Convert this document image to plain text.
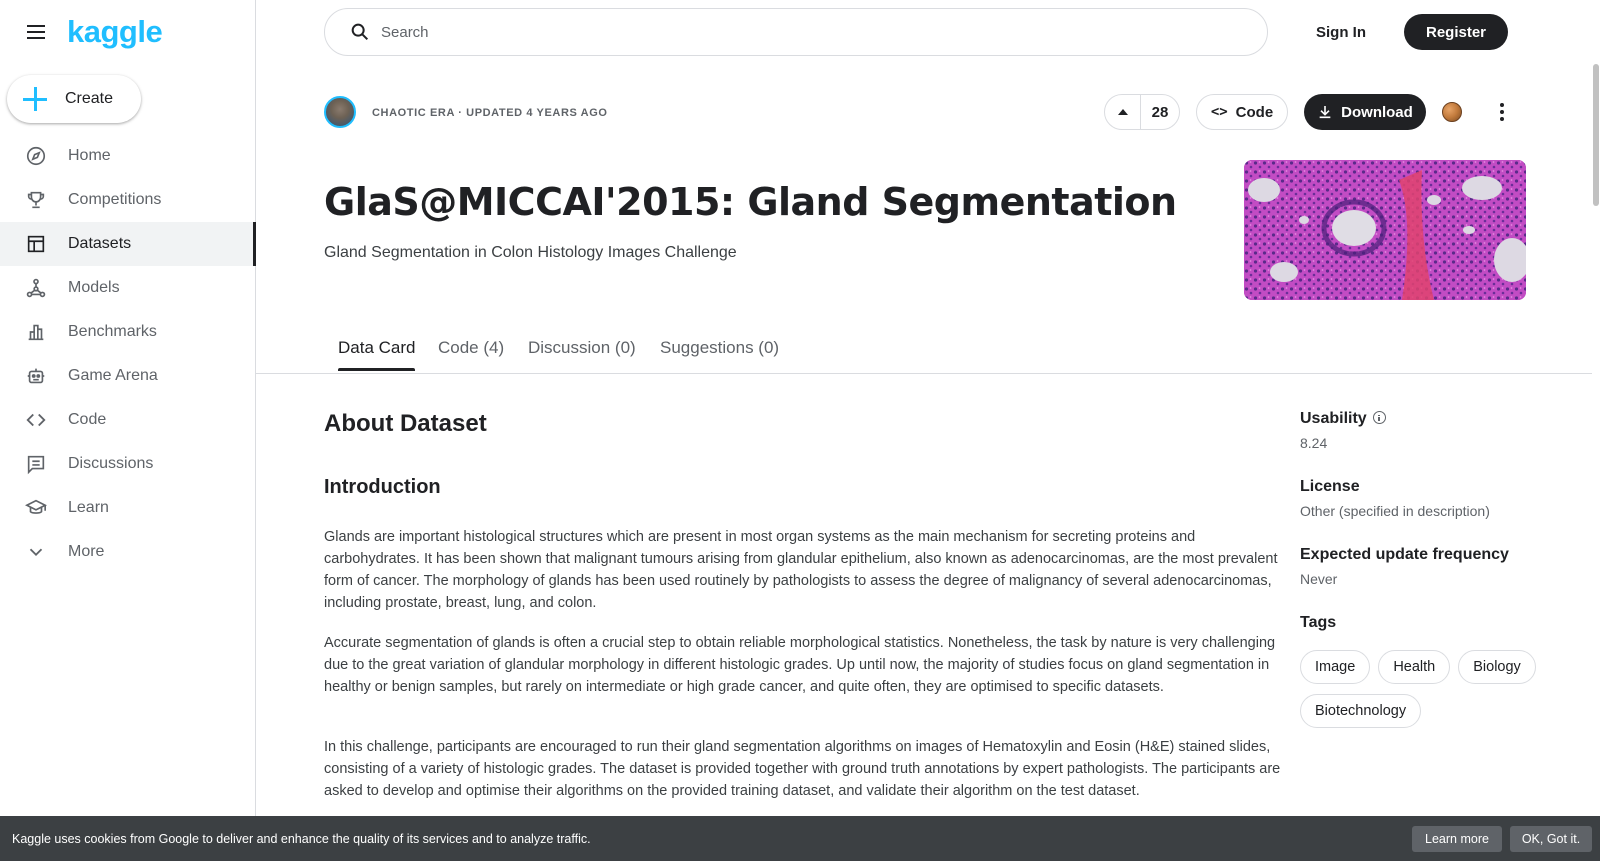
kaggle
Create
Home
Competitions
Datasets
Models
Benchmarks
Game Arena
Code
Discussions
Learn
More
Search
Sign In	Register
CHAOTIC ERA · UPDATED 4 YEARS AGO	28	<> Code	Download
GlaS@MICCAI'2015: Gland Segmentation
Gland Segmentation in Colon Histology Images Challenge
Data Card Code (4) Discussion (0) Suggestions (0)
About Dataset
Introduction

Glands are important histological structures which are present in most organ systems as the main mechanism for secreting proteins and carbohydrates. It has been shown that malignant tumours arising from glandular epithelium, also known as adenocarcinomas, are the most prevalent form of cancer. The morphology of glands has been used routinely by pathologists to assess the degree of malignancy of several adenocarcinomas, including prostate, breast, lung, and colon.

Accurate segmentation of glands is often a crucial step to obtain reliable morphological statistics. Nonetheless, the task by nature is very challenging due to the great variation of glandular morphology in different histologic grades. Up until now, the majority of studies focus on gland segmentation in healthy or benign samples, but rarely on intermediate or high grade cancer, and quite often, they are optimised to specific datasets.

In this challenge, participants are encouraged to run their gland segmentation algorithms on images of Hematoxylin and Eosin (H&E) stained slides, consisting of a variety of histologic grades. The dataset is provided together with ground truth annotations by expert pathologists. The participants are asked to develop and optimise their algorithms on the provided training dataset, and validate their algorithm on the test dataset.

Usability
8.24
License
Other (specified in description)
Expected update frequency
Never
Tags
Image	Health	Biology
Biotechnology
Kaggle uses cookies from Google to deliver and enhance the quality of its services and to analyze traffic.	Learn more	OK, Got it.
